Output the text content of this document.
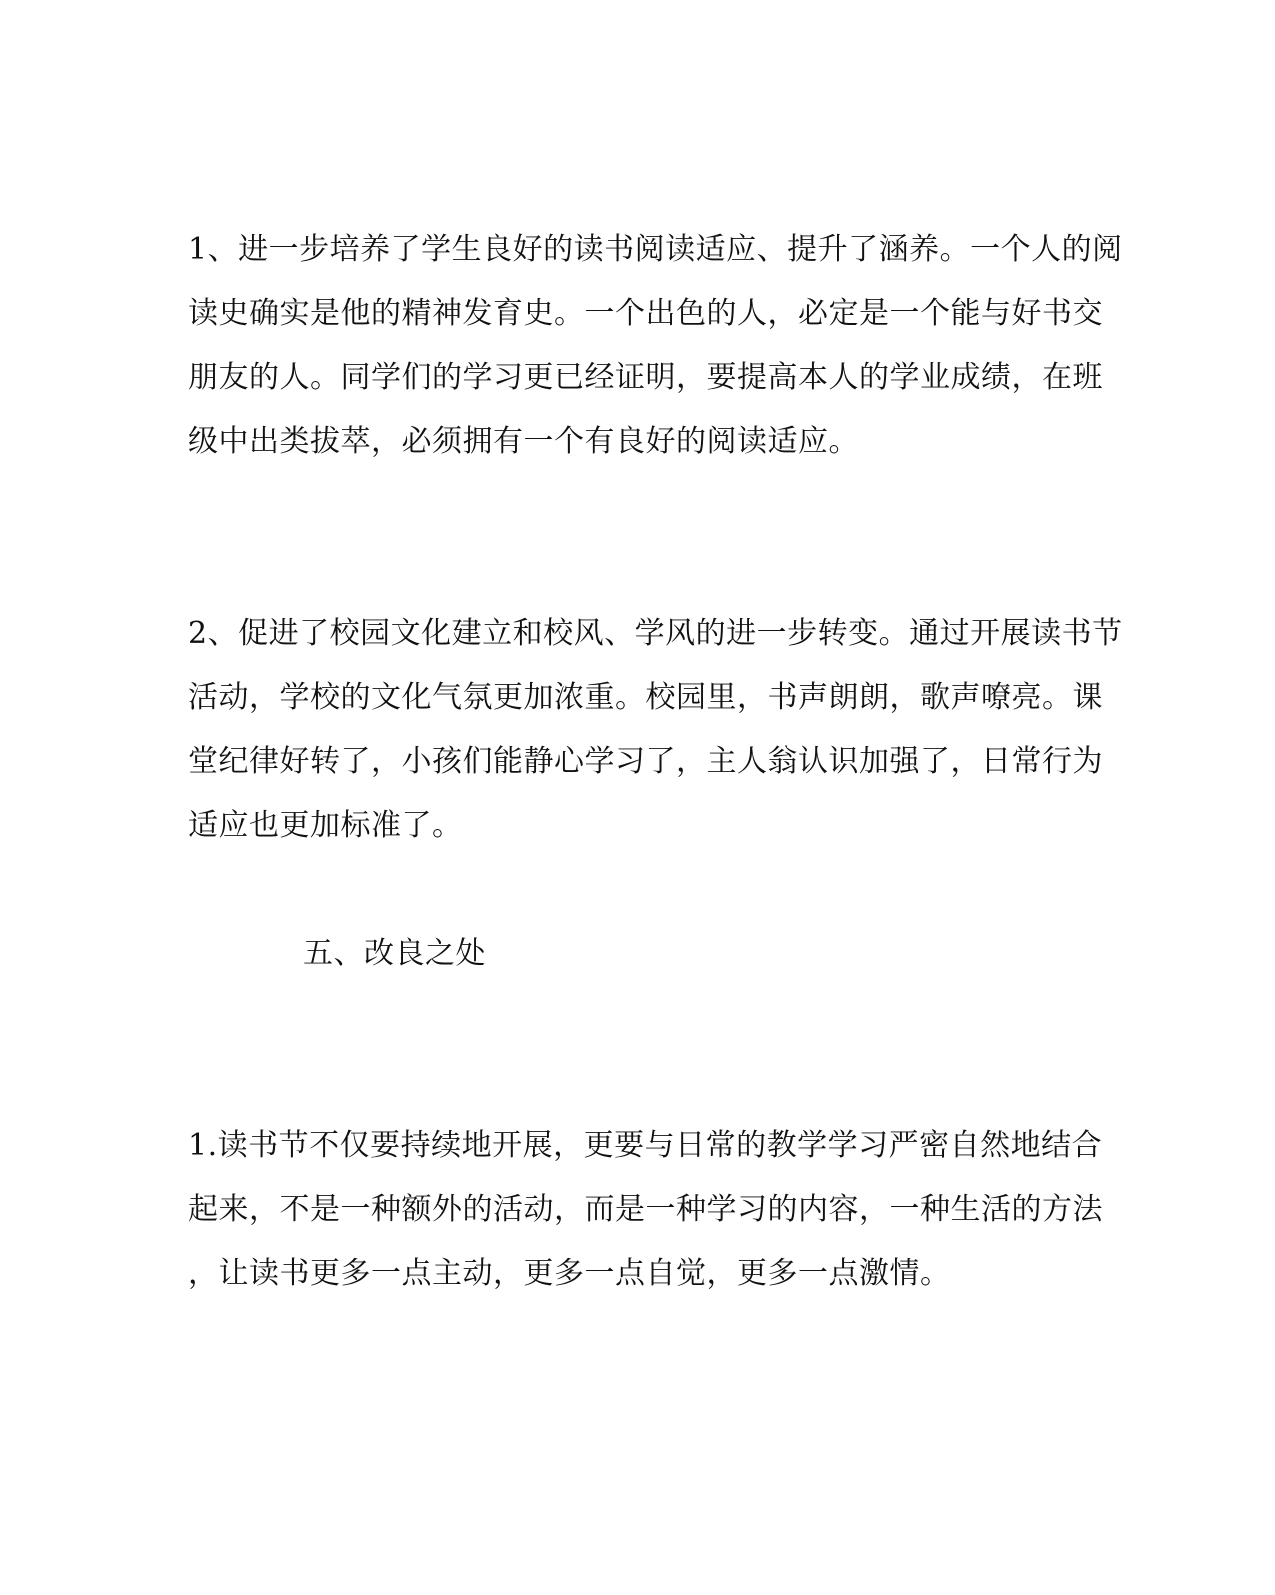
1、进一步培养了学生良好的读书阅读适应、提升了涵养。一个人的阅
读史确实是他的精神发育史。一个出色的人，必定是一个能与好书交
朋友的人。同学们的学习更已经证明，要提高本人的学业成绩，在班
级中出类拔萃，必须拥有一个有良好的阅读适应。
2、促进了校园文化建立和校风、学风的进一步转变。通过开展读书节
活动，学校的文化气氛更加浓重。校园里，书声朗朗，歌声嘹亮。课
堂纪律好转了，小孩们能静心学习了，主人翁认识加强了，日常行为
适应也更加标准了。
五、改良之处
1.读书节不仅要持续地开展，更要与日常的教学学习严密自然地结合
起来，不是一种额外的活动，而是一种学习的内容，一种生活的方法
，让读书更多一点主动，更多一点自觉，更多一点激情。
